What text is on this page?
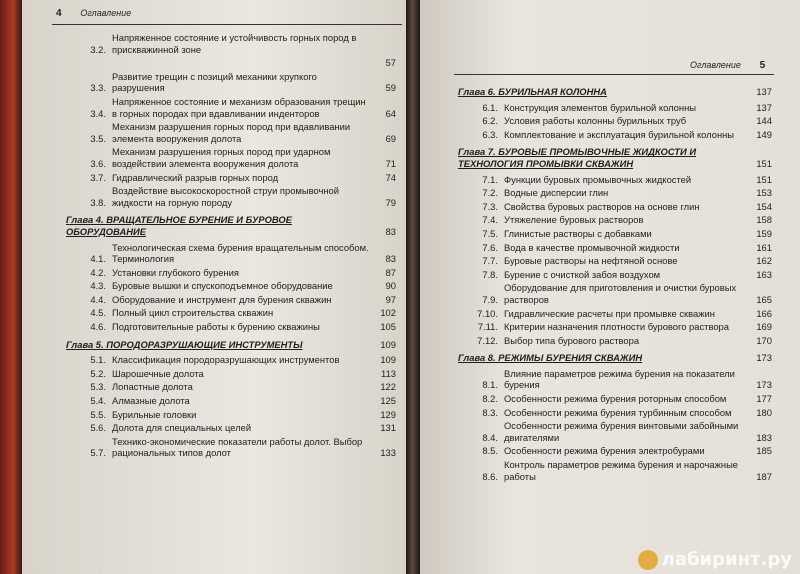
4 Оглавление
3.2.
Напряженное состояние и устойчивость горных пород в прискважинной зоне
57
3.3.
Развитие трещин с позиций механики хрупкого разрушения	59
3.4.
Напряженное состояние и механизм образования трещин в горных породах при вдавливании инденторов	64
3.5.
Механизм разрушения горных пород при вдавливании элемента вооружения долота	69
3.6.
Механизм разрушения горных пород при ударном воздействии элемента вооружения долота	71
3.7. Гидравлический разрыв горных пород	74
3.8.
Воздействие высокоскоростной струи промывочной жидкости на горную породу	79
Глава 4. ВРАЩАТЕЛЬНОЕ БУРЕНИЕ И БУРОВОЕ ОБОРУДОВАНИЕ	83
4.1.
Технологическая схема бурения вращательным способом. Терминология	83
4.2. Установки глубокого бурения	87
4.3. Буровые вышки и спускоподъемное оборудование	90
4.4. Оборудование и инструмент для бурения скважин	97
4.5. Полный цикл строительства скважин	102
4.6. Подготовительные работы к бурению скважины	105
Глава 5. ПОРОДОРАЗРУШАЮЩИЕ ИНСТРУМЕНТЫ	109
5.1. Классификация породоразрушающих инструментов	109
5.2. Шарошечные долота	113
5.3. Лопастные долота	122
5.4. Алмазные долота	125
5.5. Бурильные головки	129
5.6. Долота для специальных целей	131
5.7.
Технико-экономические показатели работы долот. Выбор рациональных типов долот	133
Оглавление 5
Глава 6. БУРИЛЬНАЯ КОЛОННА	137
6.1. Конструкция элементов бурильной колонны	137
6.2. Условия работы колонны бурильных труб	144
6.3. Комплектование и эксплуатация бурильной колонны	149
Глава 7. БУРОВЫЕ ПРОМЫВОЧНЫЕ ЖИДКОСТИ И ТЕХНОЛОГИЯ ПРОМЫВКИ СКВАЖИН	151
7.1. Функции буровых промывочных жидкостей	151
7.2. Водные дисперсии глин	153
7.3. Свойства буровых растворов на основе глин	154
7.4. Утяжеление буровых растворов	158
7.5. Глинистые растворы с добавками	159
7.6. Вода в качестве промывочной жидкости	161
7.7. Буровые растворы на нефтяной основе	162
7.8. Бурение с очисткой забоя воздухом	163
7.9.
Оборудование для приготовления и очистки буровых растворов	165
7.10. Гидравлические расчеты при промывке скважин	166
7.11. Критерии назначения плотности бурового раствора	169
7.12. Выбор типа бурового раствора	170
Глава 8. РЕЖИМЫ БУРЕНИЯ СКВАЖИН	173
8.1.
Влияние параметров режима бурения на показатели бурения	173
8.2. Особенности режима бурения роторным способом	177
8.3. Особенности режима бурения турбинным способом	180
8.4.
Особенности режима бурения винтовыми забойными двигателями	183
8.5. Особенности режима бурения электробурами	185
8.6.
Контроль параметров режима бурения и нарочажные работы	187
лабиринт.ру
